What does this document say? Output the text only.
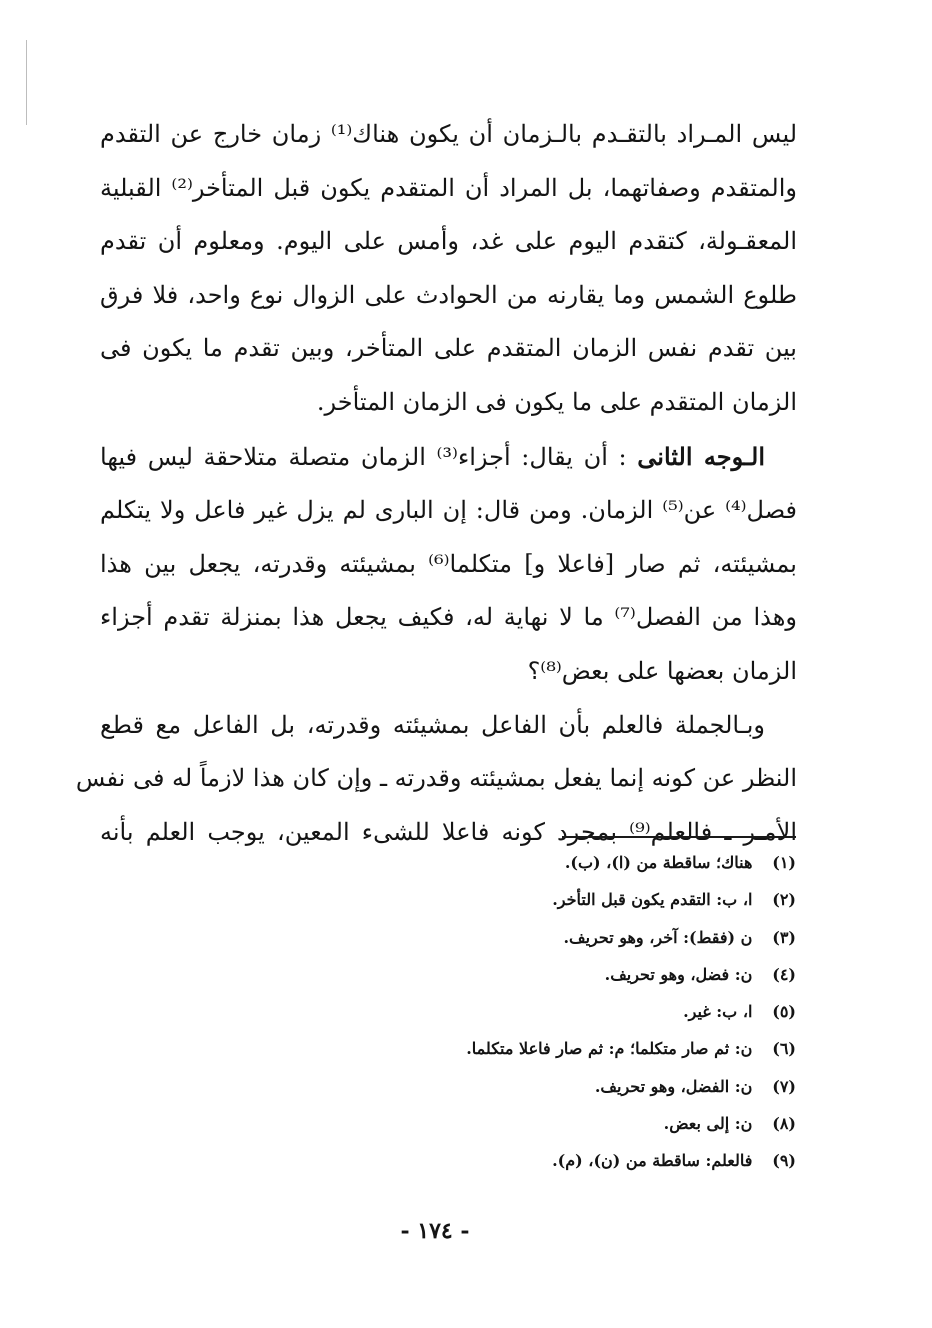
ليس المـراد بالتقـدم بالـزمان أن يكون هناك⁽¹⁾ زمان خارج عن التقدم
والمتقدم وصفاتهما، بل المراد أن المتقدم يكون قبل المتأخر⁽²⁾ القبلية
المعقـولة، كتقدم اليوم على غد، وأمس على اليوم. ومعلوم أن تقدم
طلوع الشمس وما يقارنه من الحوادث على الزوال نوع واحد، فلا فرق
بين تقدم نفس الزمان المتقدم على المتأخر، وبين تقدم ما يكون فى
الزمان المتقدم على ما يكون فى الزمان المتأخر.
الـوجه الثانى : أن يقال: أجزاء⁽³⁾ الزمان متصلة متلاحقة ليس فيها
فصل⁽⁴⁾ عن⁽⁵⁾ الزمان. ومن قال: إن البارى لم يزل غير فاعل ولا يتكلم
بمشيئته، ثم صار [فاعلا و] متكلما⁽⁶⁾ بمشيئته وقدرته، يجعل بين هذا
وهذا من الفصل⁽⁷⁾ ما لا نهاية له، فكيف يجعل هذا بمنزلة تقدم أجزاء
الزمان بعضها على بعض⁽⁸⁾؟
وبـالجملة فالعلم بأن الفاعل بمشيئته وقدرته، بل الفاعل مع قطع
النظر عن كونه إنما يفعل بمشيئته وقدرته ـ وإن كان هذا لازماً له فى نفس
الأمـر ـ فالعلم⁽⁹⁾ بمجرد كونه فاعلا للشىء المعين، يوجب العلم بأنه
(١) هناك؛ ساقطة من (ا)، (ب).
(٢) ا، ب: التقدم يكون قبل التأخر.
(٣) ن (فقط): آخر، وهو تحريف.
(٤) ن: فضل، وهو تحريف.
(٥) ا، ب: غير.
(٦) ن: ثم صار متكلما؛ م: ثم صار فاعلا متكلما.
(٧) ن: الفضل، وهو تحريف.
(٨) ن: إلى بعض.
(٩) فالعلم: ساقطة من (ن)، (م).
- ١٧٤ -
